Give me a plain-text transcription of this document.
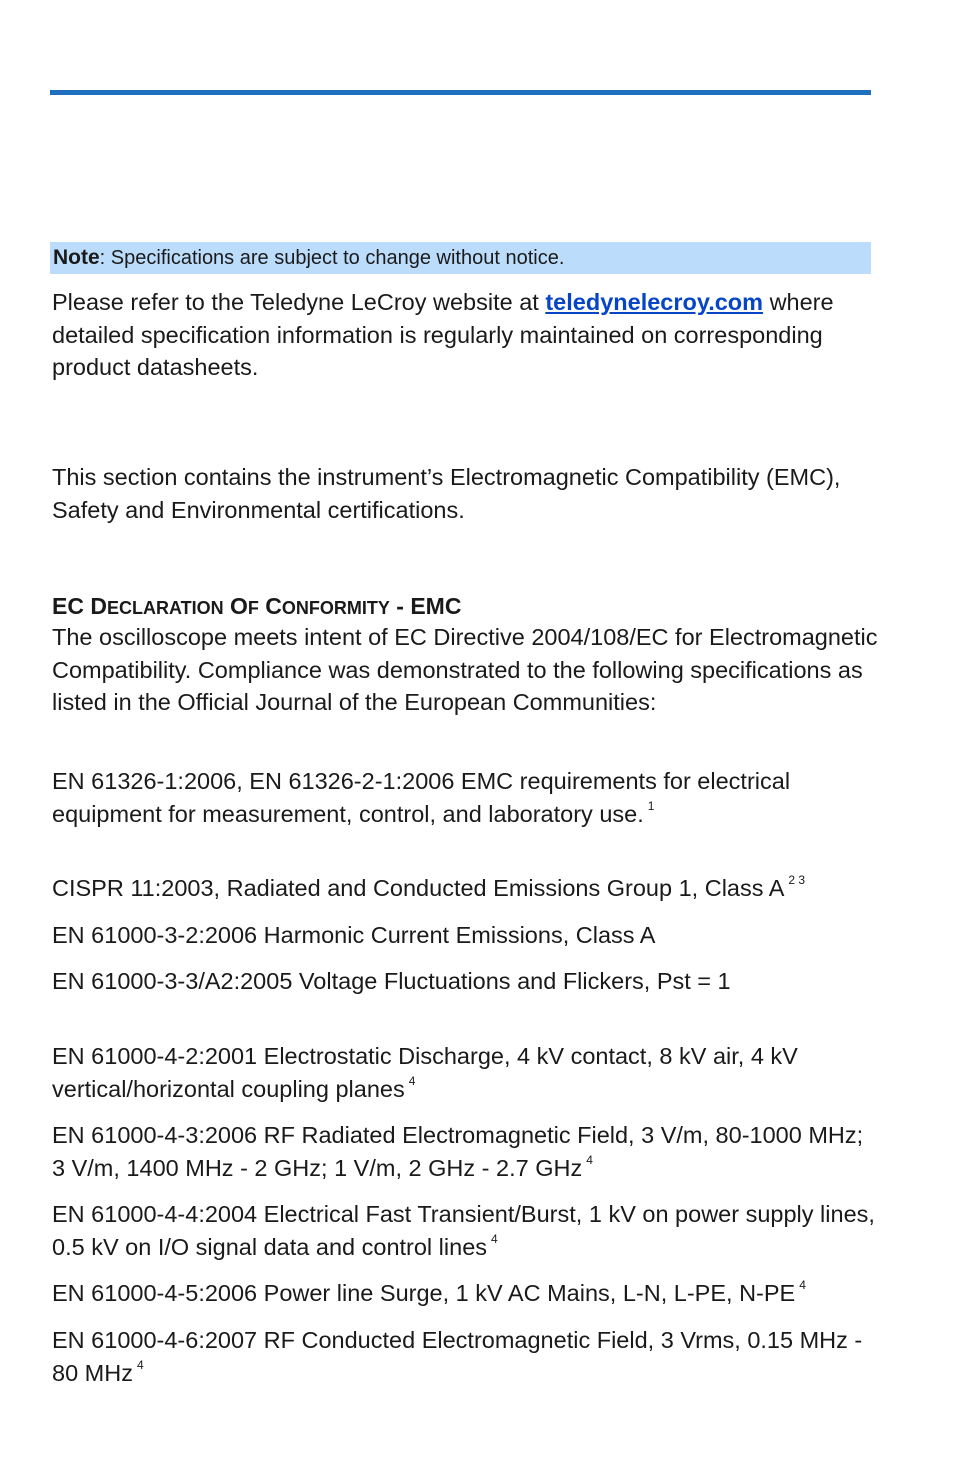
Note: Specifications are subject to change without notice.

Please refer to the Teledyne LeCroy website at teledynelecroy.com where detailed specification information is regularly maintained on corresponding product datasheets.

This section contains the instrument’s Electromagnetic Compatibility (EMC), Safety and Environmental certifications.

EC DECLARATION OF CONFORMITY - EMC

The oscilloscope meets intent of EC Directive 2004/108/EC for Electromagnetic Compatibility. Compliance was demonstrated to the following specifications as listed in the Official Journal of the European Communities:

EN 61326-1:2006, EN 61326-2-1:2006 EMC requirements for electrical equipment for measurement, control, and laboratory use. $^1$

CISPR 11:2003, Radiated and Conducted Emissions Group 1, Class A $^{2 3}$

EN 61000-3-2:2006 Harmonic Current Emissions, Class A

EN 61000-3-3/A2:2005 Voltage Fluctuations and Flickers, Pst = 1

EN 61000-4-2:2001 Electrostatic Discharge, 4 kV contact, 8 kV air, 4 kV vertical/horizontal coupling planes $^4$

EN 61000-4-3:2006 RF Radiated Electromagnetic Field, 3 V/m, 80-1000 MHz; 3 V/m, 1400 MHz - 2 GHz; 1 V/m, 2 GHz - 2.7 GHz $^4$

EN 61000-4-4:2004 Electrical Fast Transient/Burst, 1 kV on power supply lines, 0.5 kV on I/O signal data and control lines $^4$

EN 61000-4-5:2006 Power line Surge, 1 kV AC Mains, L-N, L-PE, N-PE $^4$

EN 61000-4-6:2007 RF Conducted Electromagnetic Field, 3 Vrms, 0.15 MHz - 80 MHz $^4$
